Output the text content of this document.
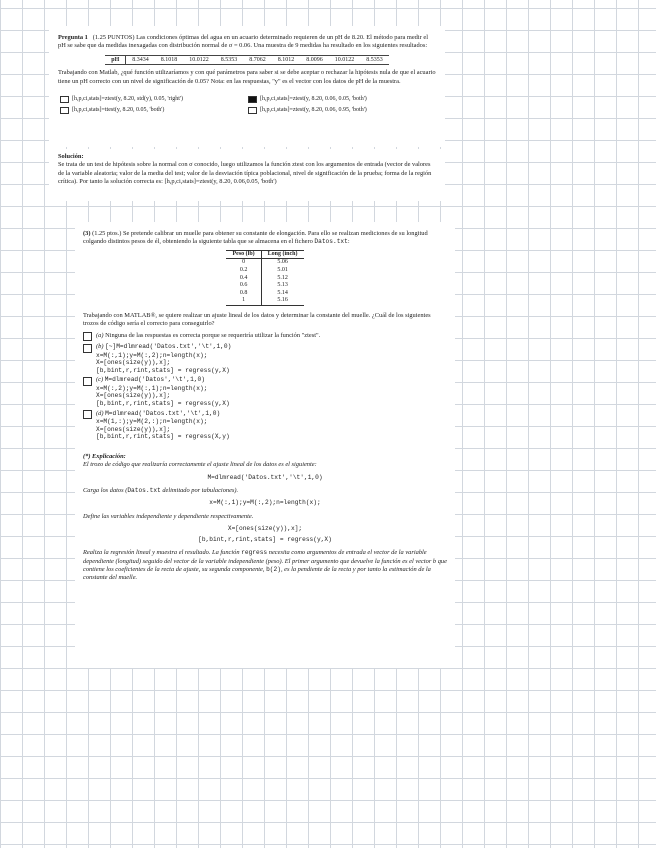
Pregunta 1 (1.25 PUNTOS) Las condiciones óptimas del agua en un acuario determinado requieren de un pH de 8.20. El método para medir el pH se sabe que da medidas inexagadas con distribución normal de σ = 0.06. Una muestra de 9 medidas ha resultado en los siguientes resultados:

pH	8.3434	8.1018	10.0122	8.5353	8.7062	8.1012	8.0096	10.0122	8.5353

Trabajando con Matlab, ¿qué función utilizaríamos y con qué parámetros para saber si se debe aceptar o rechazar la hipótesis nula de que el acuario tiene un pH correcto con un nivel de significación de 0.05? Nota: en las respuestas, "y" es el vector con los datos de pH de la muestra.

[h,p,ci,stats]=ztest(y, 8.20, std(y), 0.05, 'right')	[h,p,ci,stats]=ztest(y, 8.20, 0.06, 0.05, 'both')
[h,p,ci,stats]=ttest(y, 8.20, 0.05, 'both')	[h,p,ci,stats]=ztest(y, 8.20, 0.06, 0.95, 'both')

Solución:

Se trata de un test de hipótesis sobre la normal con σ conocido, luego utilizamos la función ztest con los argumentos de entrada (vector de valores de la variable aleatoria; valor de la media del test; valor de la desviación típica poblacional, nivel de significación de la prueba; forma de la región crítica). Por tanto la solución correcta es: [h,p,ci,stats]=ztest(y, 8.20, 0.06,0.05, 'both')

(3) (1.25 ptos.) Se pretende calibrar un muelle para obtener su constante de elongación. Para ello se realizan mediciones de su longitud colgando distintos pesos de él, obteniendo la siguiente tabla que se almacena en el fichero Datos.txt:

Peso (lb)	Long (inch)
0	5.06
0.2	5.01
0.4	5.12
0.6	5.13
0.8	5.14
1	5.16

Trabajando con MATLAB®, se quiere realizar un ajuste lineal de los datos y determinar la constante del muelle. ¿Cuál de los siguientes trozos de código sería el correcto para conseguirlo?

(a) Ninguna de las respuestas es correcta porque se requeriría utilizar la función "ztest".
(b) [~]M=dlmread('Datos.txt','\t',1,0)
x=M(:,1);y=M(:,2);n=length(x);
X=[ones(size(y)),x];
[b,bint,r,rint,stats] = regress(y,X)
(c) M=dlmread('Datos','\t',1,0)
x=M(:,2);y=M(:,1);n=length(x);
X=[ones(size(y)),x];
[b,bint,r,rint,stats] = regress(y,X)
(d) M=dlmread('Datos.txt','\t',1,0)
x=M(1,:);y=M(2,:);n=length(x);
X=[ones(size(y)),x];
[b,bint,r,rint,stats] = regress(X,y)

(*) Explicación:

El trozo de código que realizaría correctamente el ajuste lineal de los datos es el siguiente:

M=dlmread('Datos.txt','\t',1,0)

Carga los datos (Datos.txt delimitado por tabulaciones).

x=M(:,1);y=M(:,2);n=length(x);

Define las variables independiente y dependiente respectivamente.

X=[ones(size(y)),x];

[b,bint,r,rint,stats] = regress(y,X)

Realiza la regresión lineal y muestra el resultado. La función regress necesita como argumentos de entrada el vector de la variable dependiente (longitud) seguido del vector de la variable independiente (peso). El primer argumento que devuelve la función es el vector b que contiene los coeficientes de la recta de ajuste, su segunda componente, b(2), es la pendiente de la recta y por tanto la estimación de la constante del muelle.
